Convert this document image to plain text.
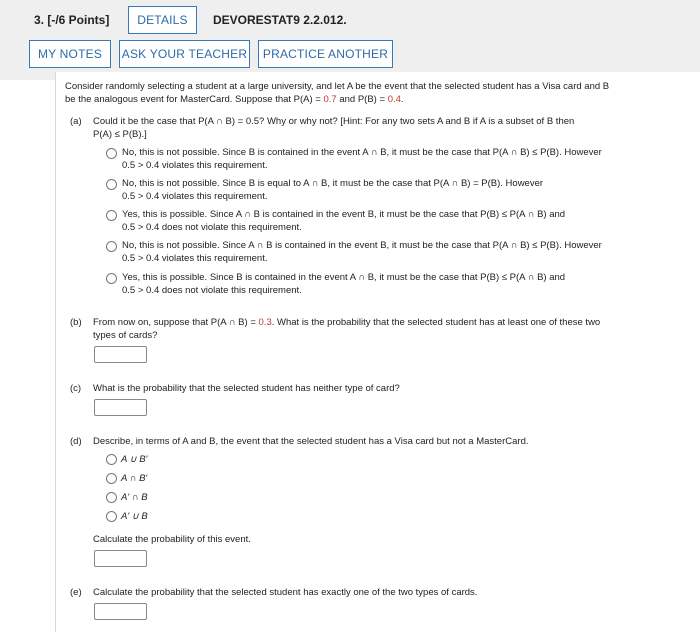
3. [-/6 Points]	DETAILS	DEVORESTAT9 2.2.012.
MY NOTES	ASK YOUR TEACHER	PRACTICE ANOTHER
Consider randomly selecting a student at a large university, and let A be the event that the selected student has a Visa card and B
be the analogous event for MasterCard. Suppose that P(A) = 0.7 and P(B) = 0.4.
(a) Could it be the case that P(A ∩ B) = 0.5? Why or why not? [Hint: For any two sets A and B if A is a subset of B then
P(A) ≤ P(B).]
No, this is not possible. Since B is contained in the event A ∩ B, it must be the case that P(A ∩ B) ≤ P(B). However
0.5 > 0.4 violates this requirement.
No, this is not possible. Since B is equal to A ∩ B, it must be the case that P(A ∩ B) = P(B). However
0.5 > 0.4 violates this requirement.
Yes, this is possible. Since A ∩ B is contained in the event B, it must be the case that P(B) ≤ P(A ∩ B) and
0.5 > 0.4 does not violate this requirement.
No, this is not possible. Since A ∩ B is contained in the event B, it must be the case that P(A ∩ B) ≤ P(B). However
0.5 > 0.4 violates this requirement.
Yes, this is possible. Since B is contained in the event A ∩ B, it must be the case that P(B) ≤ P(A ∩ B) and
0.5 > 0.4 does not violate this requirement.
(b) From now on, suppose that P(A ∩ B) = 0.3. What is the probability that the selected student has at least one of these two
types of cards?
(c) What is the probability that the selected student has neither type of card?
(d) Describe, in terms of A and B, the event that the selected student has a Visa card but not a MasterCard.
A ∪ B'
A ∩ B'
A' ∩ B
A' ∪ B
Calculate the probability of this event.
(e) Calculate the probability that the selected student has exactly one of the two types of cards.
